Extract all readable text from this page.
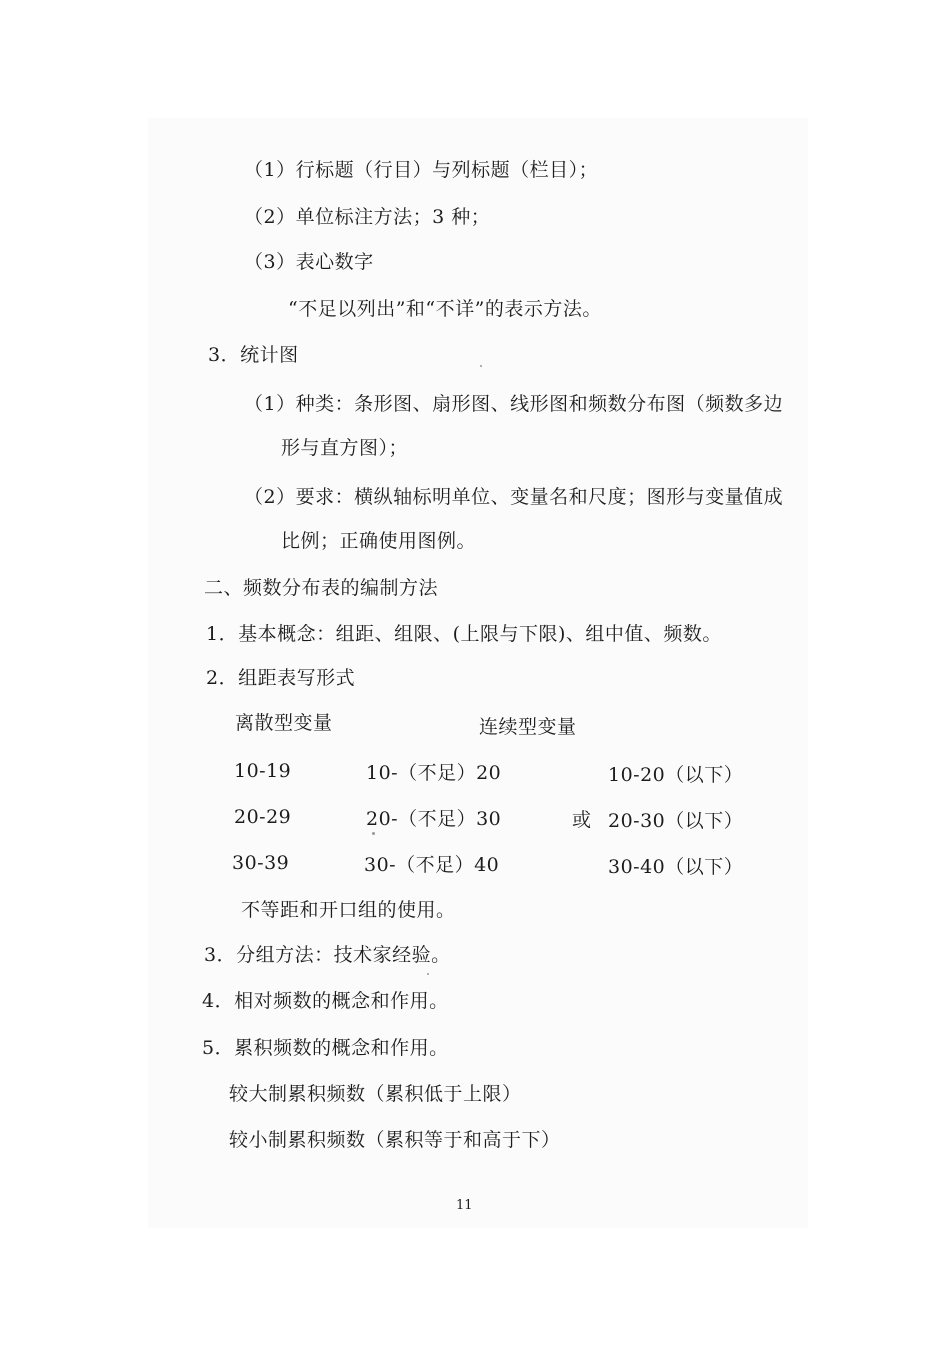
（1）行标题（行目）与列标题（栏目）；
（2）单位标注方法；3 种；
（3）表心数字
“不足以列出”和“不详”的表示方法。
3．统计图
（1）种类：条形图、扇形图、线形图和频数分布图（频数多边
形与直方图）；
（2）要求：横纵轴标明单位、变量名和尺度；图形与变量值成
比例；正确使用图例。
二、频数分布表的编制方法
1．基本概念：组距、组限、(上限与下限)、组中值、频数。
2．组距表写形式
离散型变量	连续型变量
10-19	10-（不足）20	10-20（以下）
20-29	20-（不足）30	或 20-30（以下）
30-39	30-（不足）40	30-40（以下）
不等距和开口组的使用。
3．分组方法：技术家经验。
4．相对频数的概念和作用。
5．累积频数的概念和作用。
较大制累积频数（累积低于上限）
较小制累积频数（累积等于和高于下）
11
